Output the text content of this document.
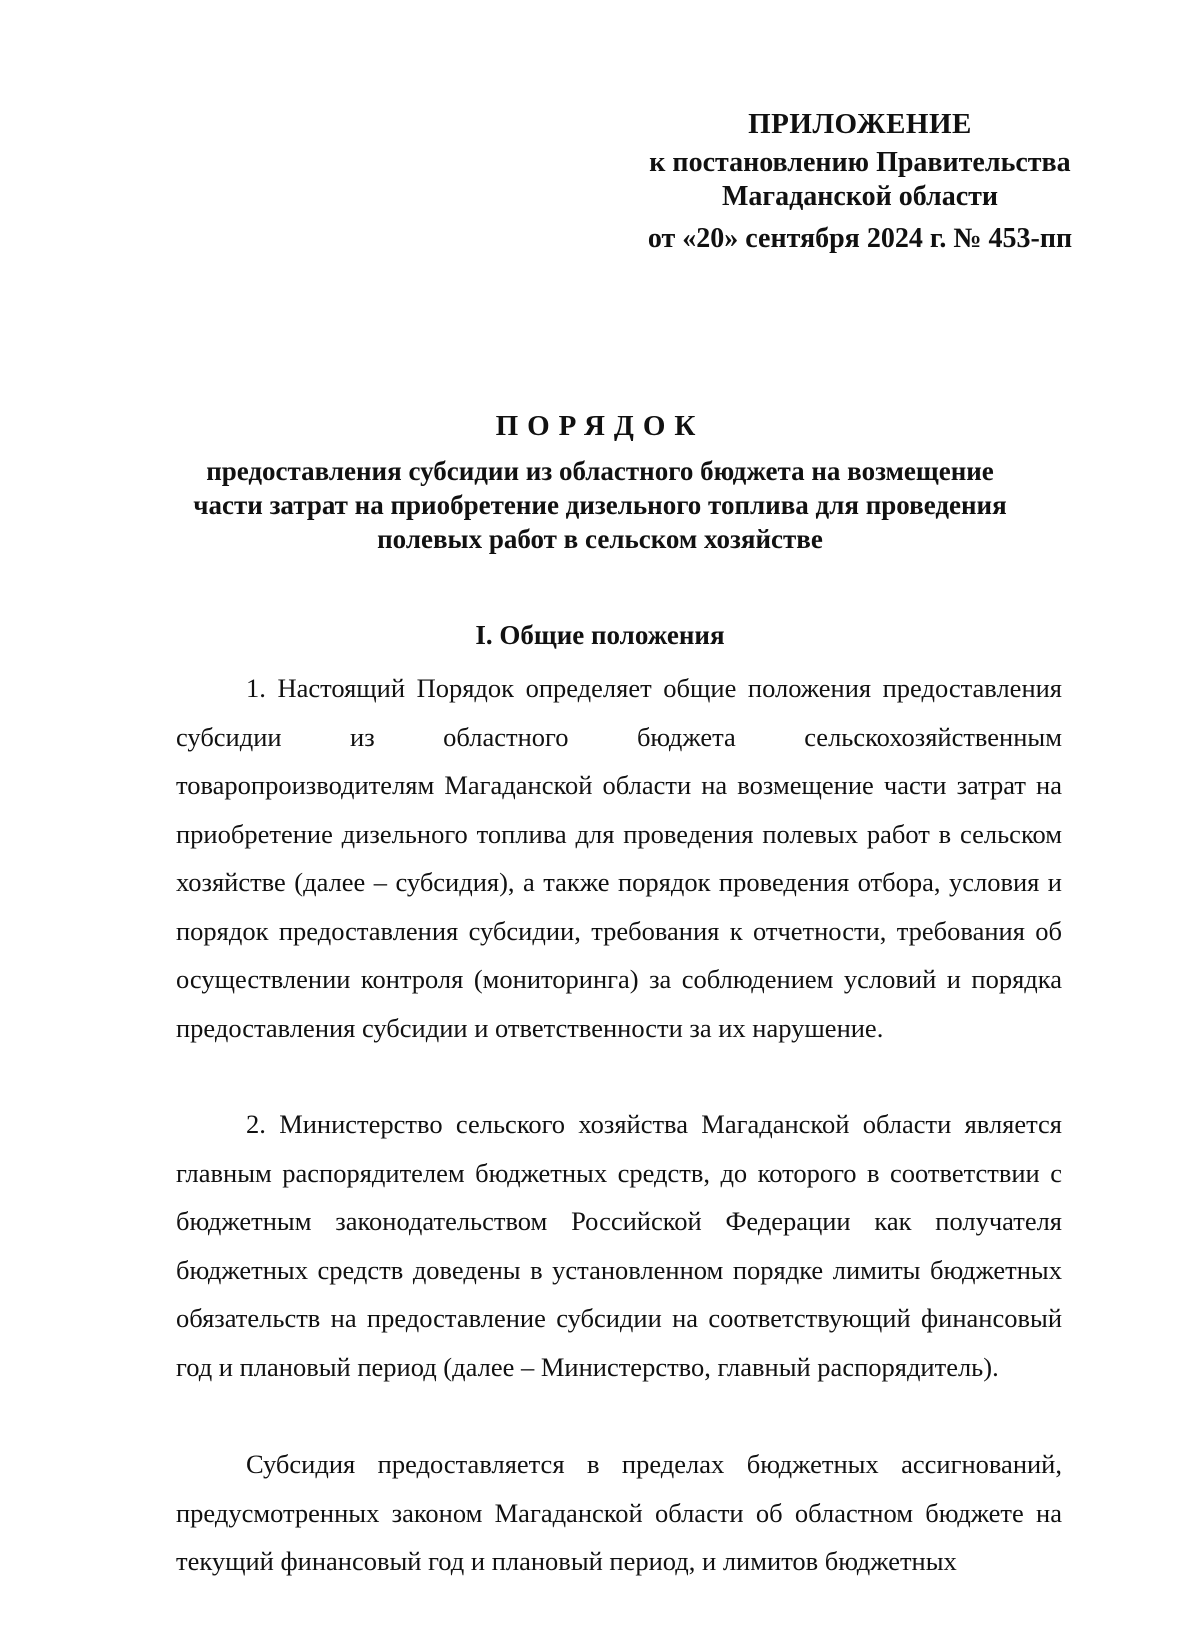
ПРИЛОЖЕНИЕ
к постановлению Правительства
Магаданской области
от «20» сентября 2024 г. № 453-пп
ПОРЯДОК
предоставления субсидии из областного бюджета на возмещение части затрат на приобретение дизельного топлива для проведения полевых работ в сельском хозяйстве
I. Общие положения
1. Настоящий Порядок определяет общие положения предоставления субсидии из областного бюджета сельскохозяйственным товаропроизводителям Магаданской области на возмещение части затрат на приобретение дизельного топлива для проведения полевых работ в сельском хозяйстве (далее – субсидия), а также порядок проведения отбора, условия и порядок предоставления субсидии, требования к отчетности, требования об осуществлении контроля (мониторинга) за соблюдением условий и порядка предоставления субсидии и ответственности за их нарушение.
2. Министерство сельского хозяйства Магаданской области является главным распорядителем бюджетных средств, до которого в соответствии с бюджетным законодательством Российской Федерации как получателя бюджетных средств доведены в установленном порядке лимиты бюджетных обязательств на предоставление субсидии на соответствующий финансовый год и плановый период (далее – Министерство, главный распорядитель).
Субсидия предоставляется в пределах бюджетных ассигнований, предусмотренных законом Магаданской области об областном бюджете на текущий финансовый год и плановый период, и лимитов бюджетных
